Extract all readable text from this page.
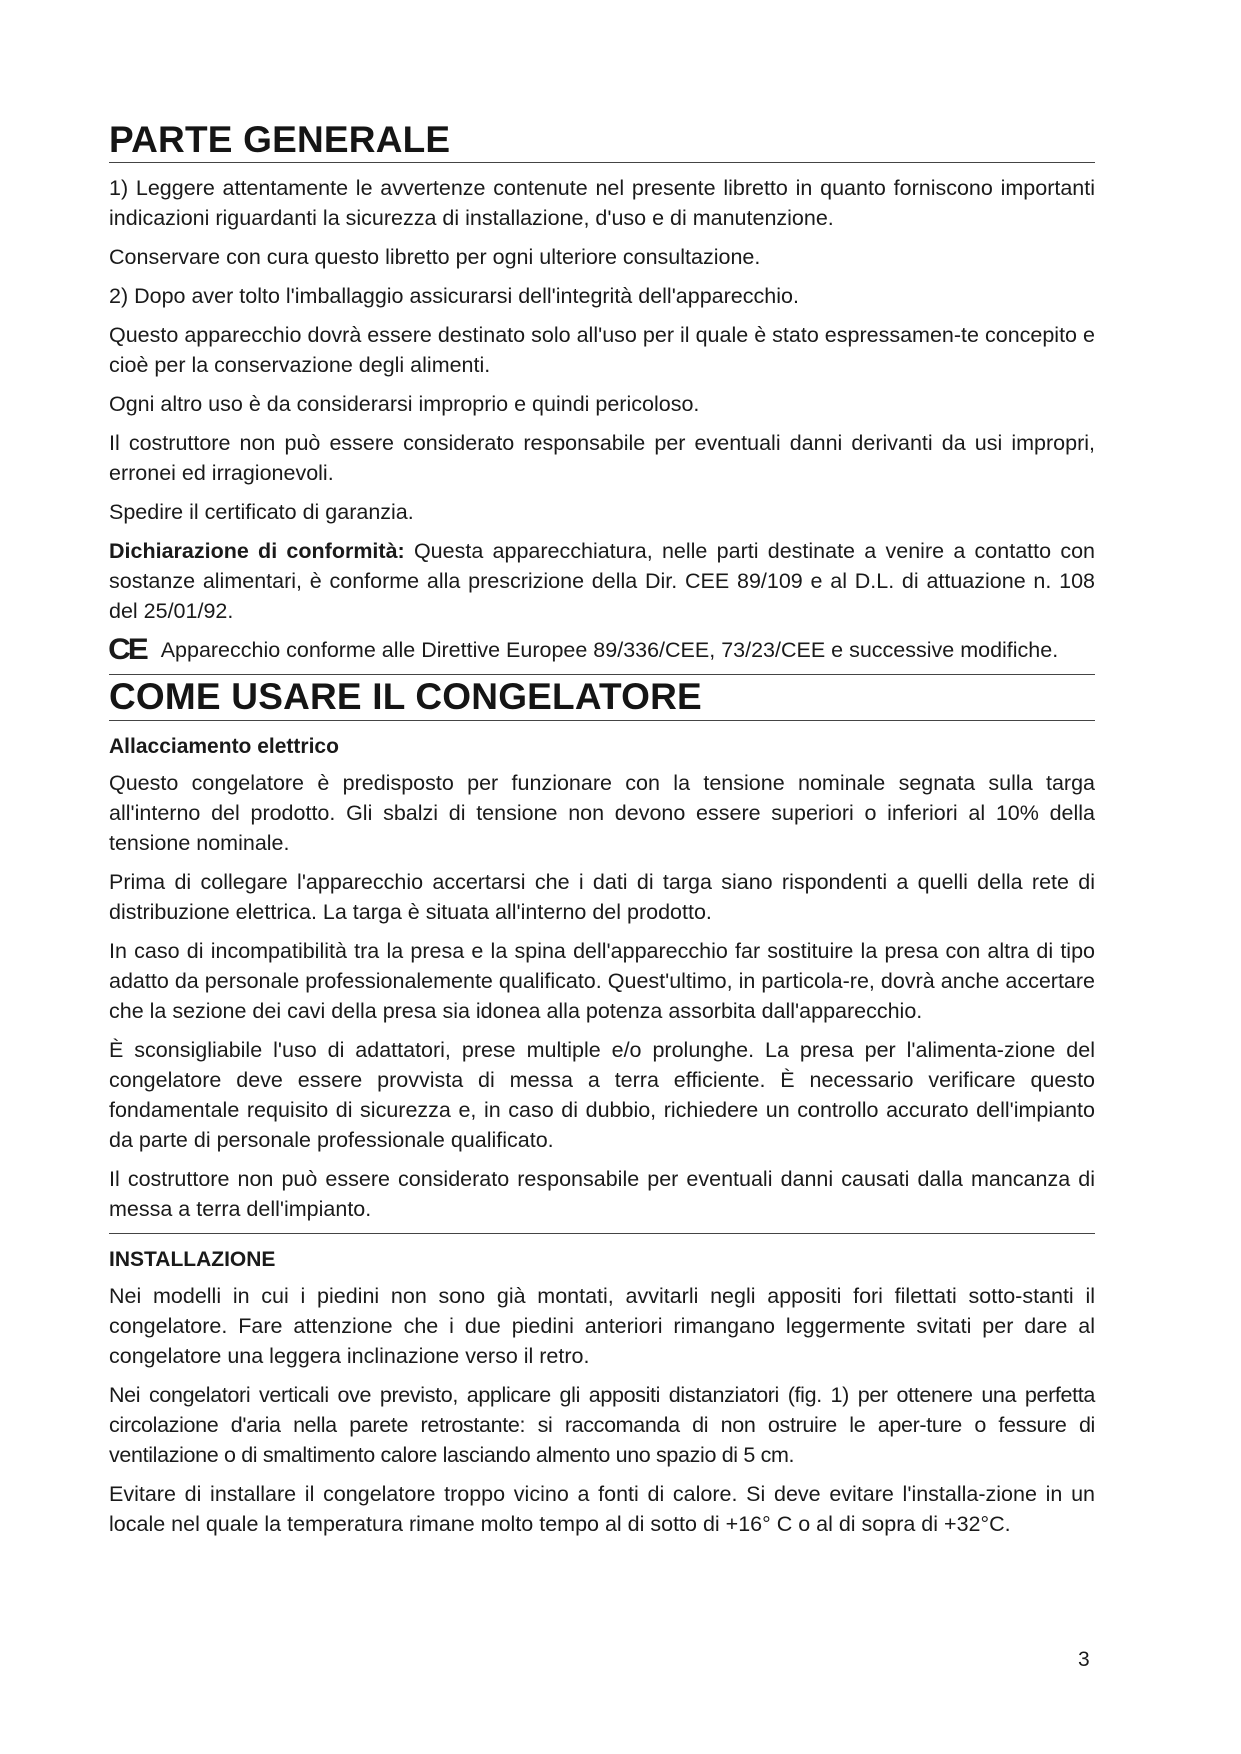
PARTE GENERALE

1) Leggere attentamente le avvertenze contenute nel presente libretto in quanto forniscono importanti indicazioni riguardanti la sicurezza di installazione, d'uso e di manutenzione.

Conservare con cura questo libretto per ogni ulteriore consultazione.

2) Dopo aver tolto l'imballaggio assicurarsi dell'integrità dell'apparecchio.

Questo apparecchio dovrà essere destinato solo all'uso per il quale è stato espressamen-te concepito e cioè per la conservazione degli alimenti.

Ogni altro uso è da considerarsi improprio e quindi pericoloso.

Il costruttore non può essere considerato responsabile per eventuali danni derivanti da usi impropri, erronei ed irragionevoli.

Spedire il certificato di garanzia.

Dichiarazione di conformità: Questa apparecchiatura, nelle parti destinate a venire a contatto con sostanze alimentari, è conforme alla prescrizione della Dir. CEE 89/109 e al D.L. di attuazione n. 108 del 25/01/92.

CE Apparecchio conforme alle Direttive Europee 89/336/CEE, 73/23/CEE e successive modifiche.

COME USARE IL CONGELATORE
Allacciamento elettrico

Questo congelatore è predisposto per funzionare con la tensione nominale segnata sulla targa all'interno del prodotto. Gli sbalzi di tensione non devono essere superiori o inferiori al 10% della tensione nominale.

Prima di collegare l'apparecchio accertarsi che i dati di targa siano rispondenti a quelli della rete di distribuzione elettrica. La targa è situata all'interno del prodotto.

In caso di incompatibilità tra la presa e la spina dell'apparecchio far sostituire la presa con altra di tipo adatto da personale professionalemente qualificato. Quest'ultimo, in particola-re, dovrà anche accertare che la sezione dei cavi della presa sia idonea alla potenza assorbita dall'apparecchio.

È sconsigliabile l'uso di adattatori, prese multiple e/o prolunghe. La presa per l'alimenta-zione del congelatore deve essere provvista di messa a terra efficiente. È necessario verificare questo fondamentale requisito di sicurezza e, in caso di dubbio, richiedere un controllo accurato dell'impianto da parte di personale professionale qualificato.

Il costruttore non può essere considerato responsabile per eventuali danni causati dalla mancanza di messa a terra dell'impianto.

INSTALLAZIONE

Nei modelli in cui i piedini non sono già montati, avvitarli negli appositi fori filettati sotto-stanti il congelatore. Fare attenzione che i due piedini anteriori rimangano leggermente svitati per dare al congelatore una leggera inclinazione verso il retro.

Nei congelatori verticali ove previsto, applicare gli appositi distanziatori (fig. 1) per ottenere una perfetta circolazione d'aria nella parete retrostante: si raccomanda di non ostruire le aper-ture o fessure di ventilazione o di smaltimento calore lasciando almento uno spazio di 5 cm.

Evitare di installare il congelatore troppo vicino a fonti di calore. Si deve evitare l'installa-zione in un locale nel quale la temperatura rimane molto tempo al di sotto di +16° C o al di sopra di +32°C.

3
